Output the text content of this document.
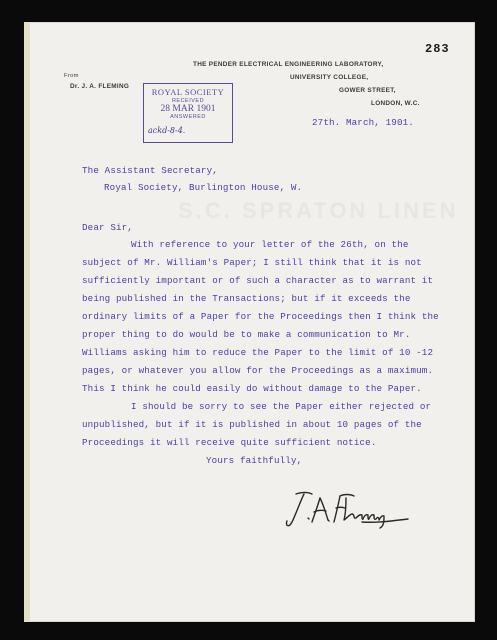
283
From
Dr. J. A. FLEMING
THE PENDER ELECTRICAL ENGINEERING LABORATORY,
UNIVERSITY COLLEGE,
GOWER STREET,
LONDON, W.C.
ROYAL SOCIETY
RECEIVED
28 MAR 1901
ANSWERED
ackd-8-4.
S.C. SPRATON LINEN
27th. March, 1901.
The Assistant Secretary,
Royal Society, Burlington House, W.
Dear Sir,
With reference to your letter of the 26th, on the
subject of Mr. William's Paper; I still think that it is not
sufficiently important or of such a character as to warrant it
being published in the Transactions; but if it exceeds the
ordinary limits of a Paper for the Proceedings then I think the
proper thing to do would be to make a communication to Mr.
Williams asking him to reduce the Paper to the limit of 10 -12
pages, or whatever you allow for the Proceedings as a maximum.
This I think he could easily do without damage to the Paper.
I should be sorry to see the Paper either rejected or
unpublished, but if it is published in about 10 pages of the
Proceedings it will receive quite sufficient notice.
Yours faithfully,
